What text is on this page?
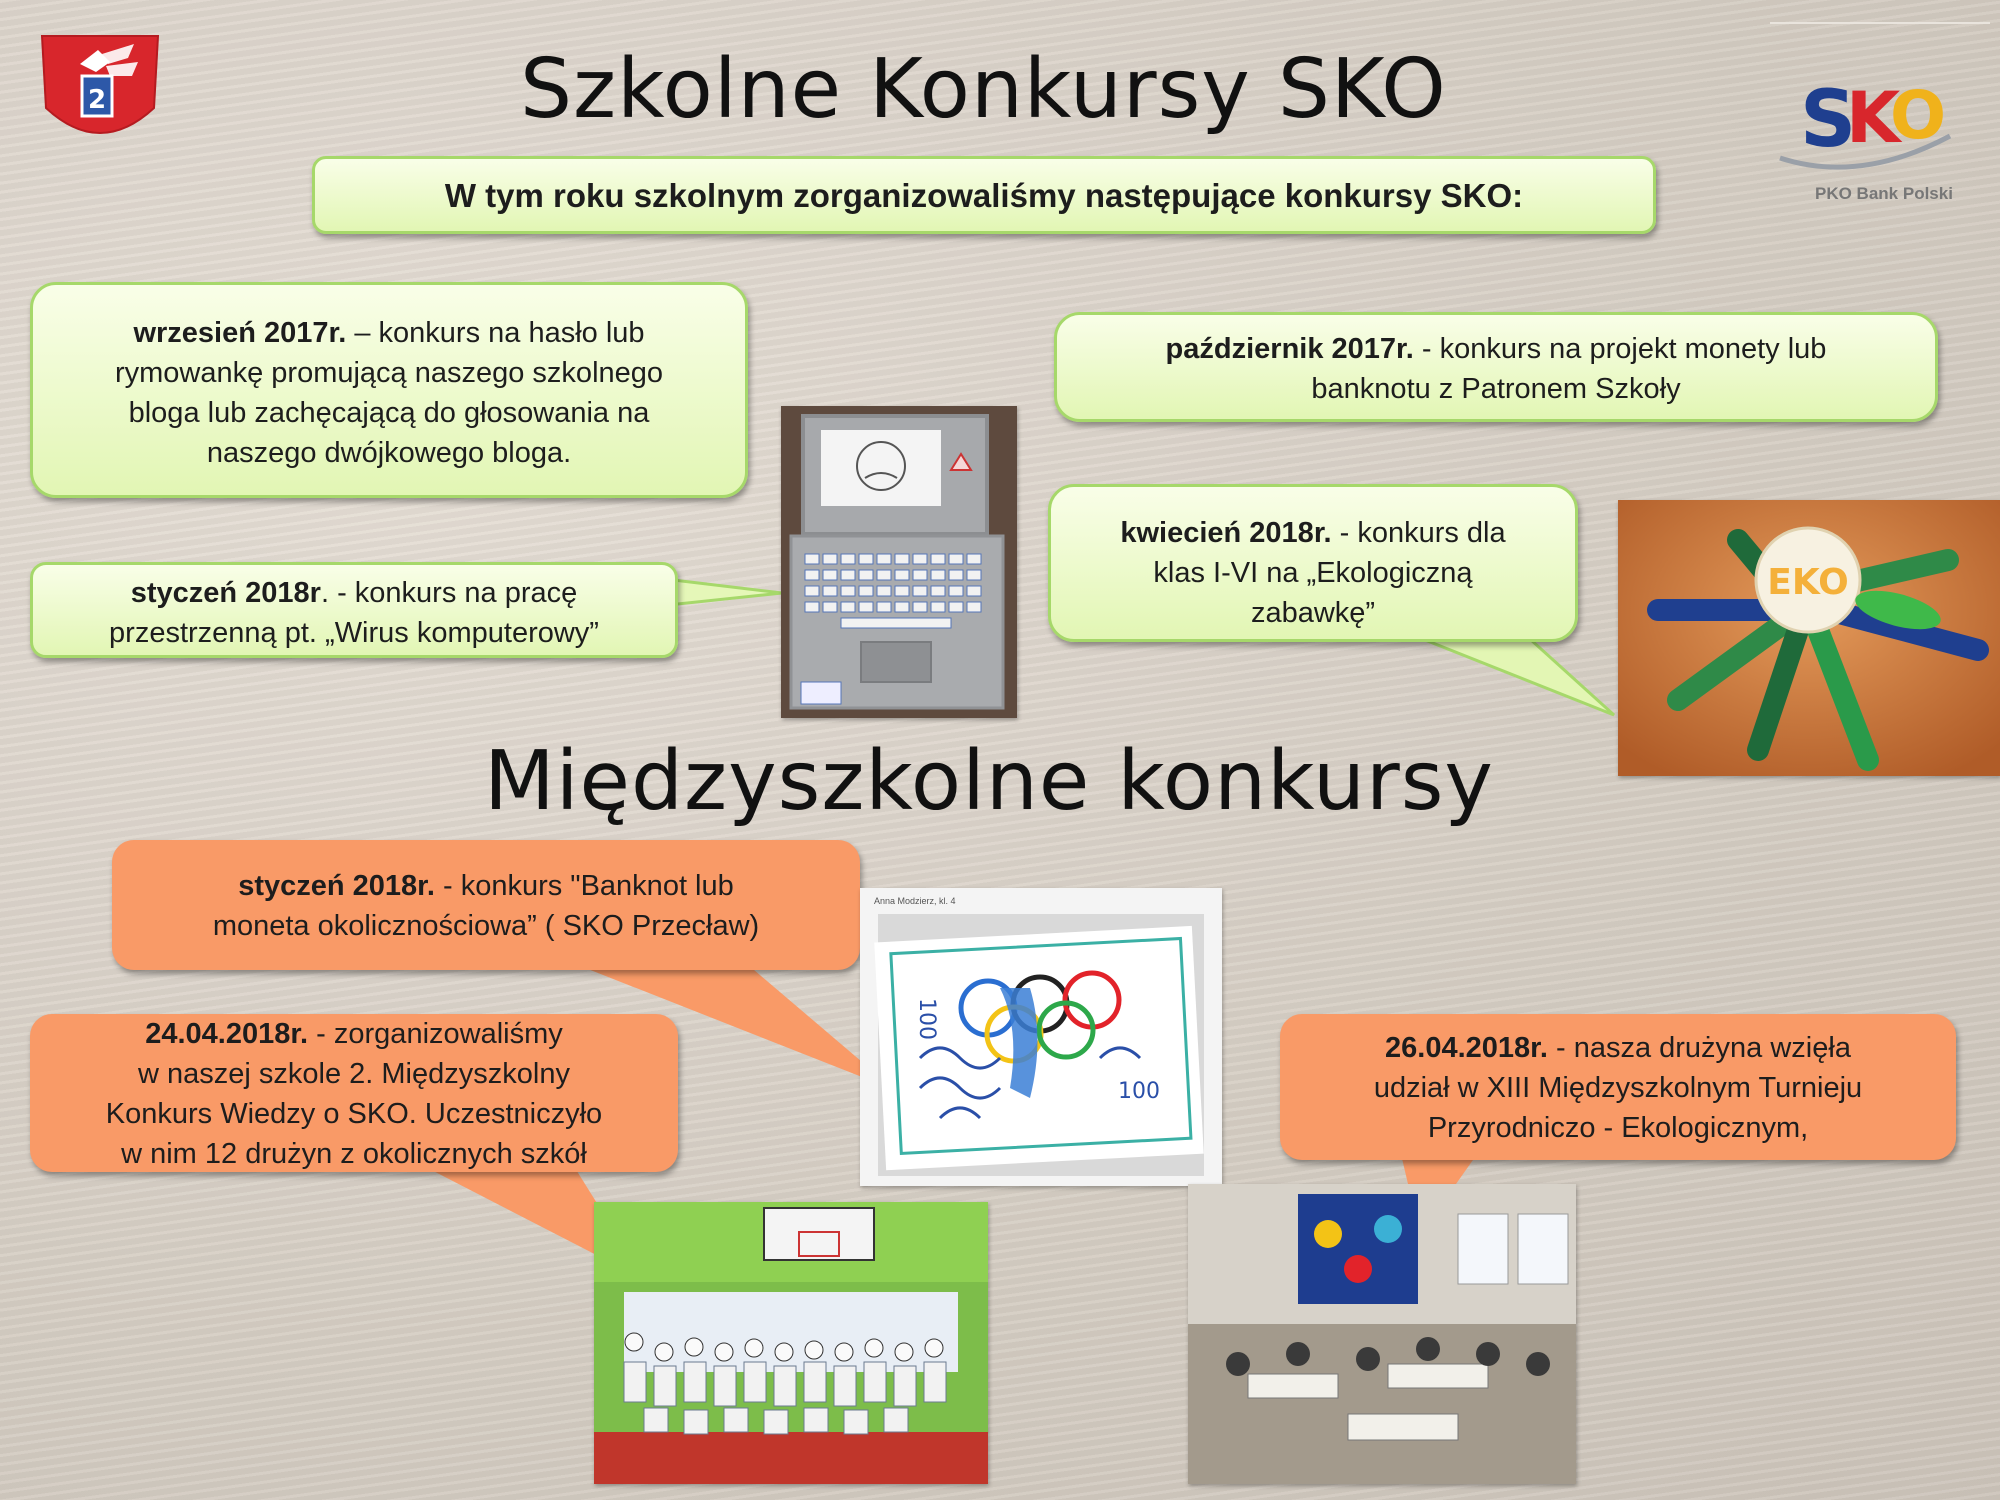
2	Szkolne Konkursy SKO	S
K
O
PKO Bank Polski
W tym roku szkolnym zorganizowaliśmy następujące konkursy SKO:
wrzesień 2017r. – konkurs na hasło lub
rymowankę promującą naszego szkolnego
bloga lub zachęcającą do głosowania na
naszego dwójkowego bloga.
październik 2017r. - konkurs na projekt monety lub
banknotu z Patronem Szkoły
styczeń 2018r. - konkurs na pracę
przestrzenną pt. „Wirus komputerowy”
kwiecień 2018r. - konkurs dla
klas I-VI na „Ekologiczną
zabawkę”
EKO
Międzyszkolne konkursy
styczeń 2018r. - konkurs "Banknot lub
moneta okolicznościowa” ( SKO Przecław)
Anna Modzierz, kl. 4
100
100
24.04.2018r. - zorganizowaliśmy
w naszej szkole 2. Międzyszkolny
Konkurs Wiedzy o SKO. Uczestniczyło
w nim 12 drużyn z okolicznych szkół
26.04.2018r. - nasza drużyna wzięła
udział w XIII Międzyszkolnym Turnieju
Przyrodniczo - Ekologicznym,
